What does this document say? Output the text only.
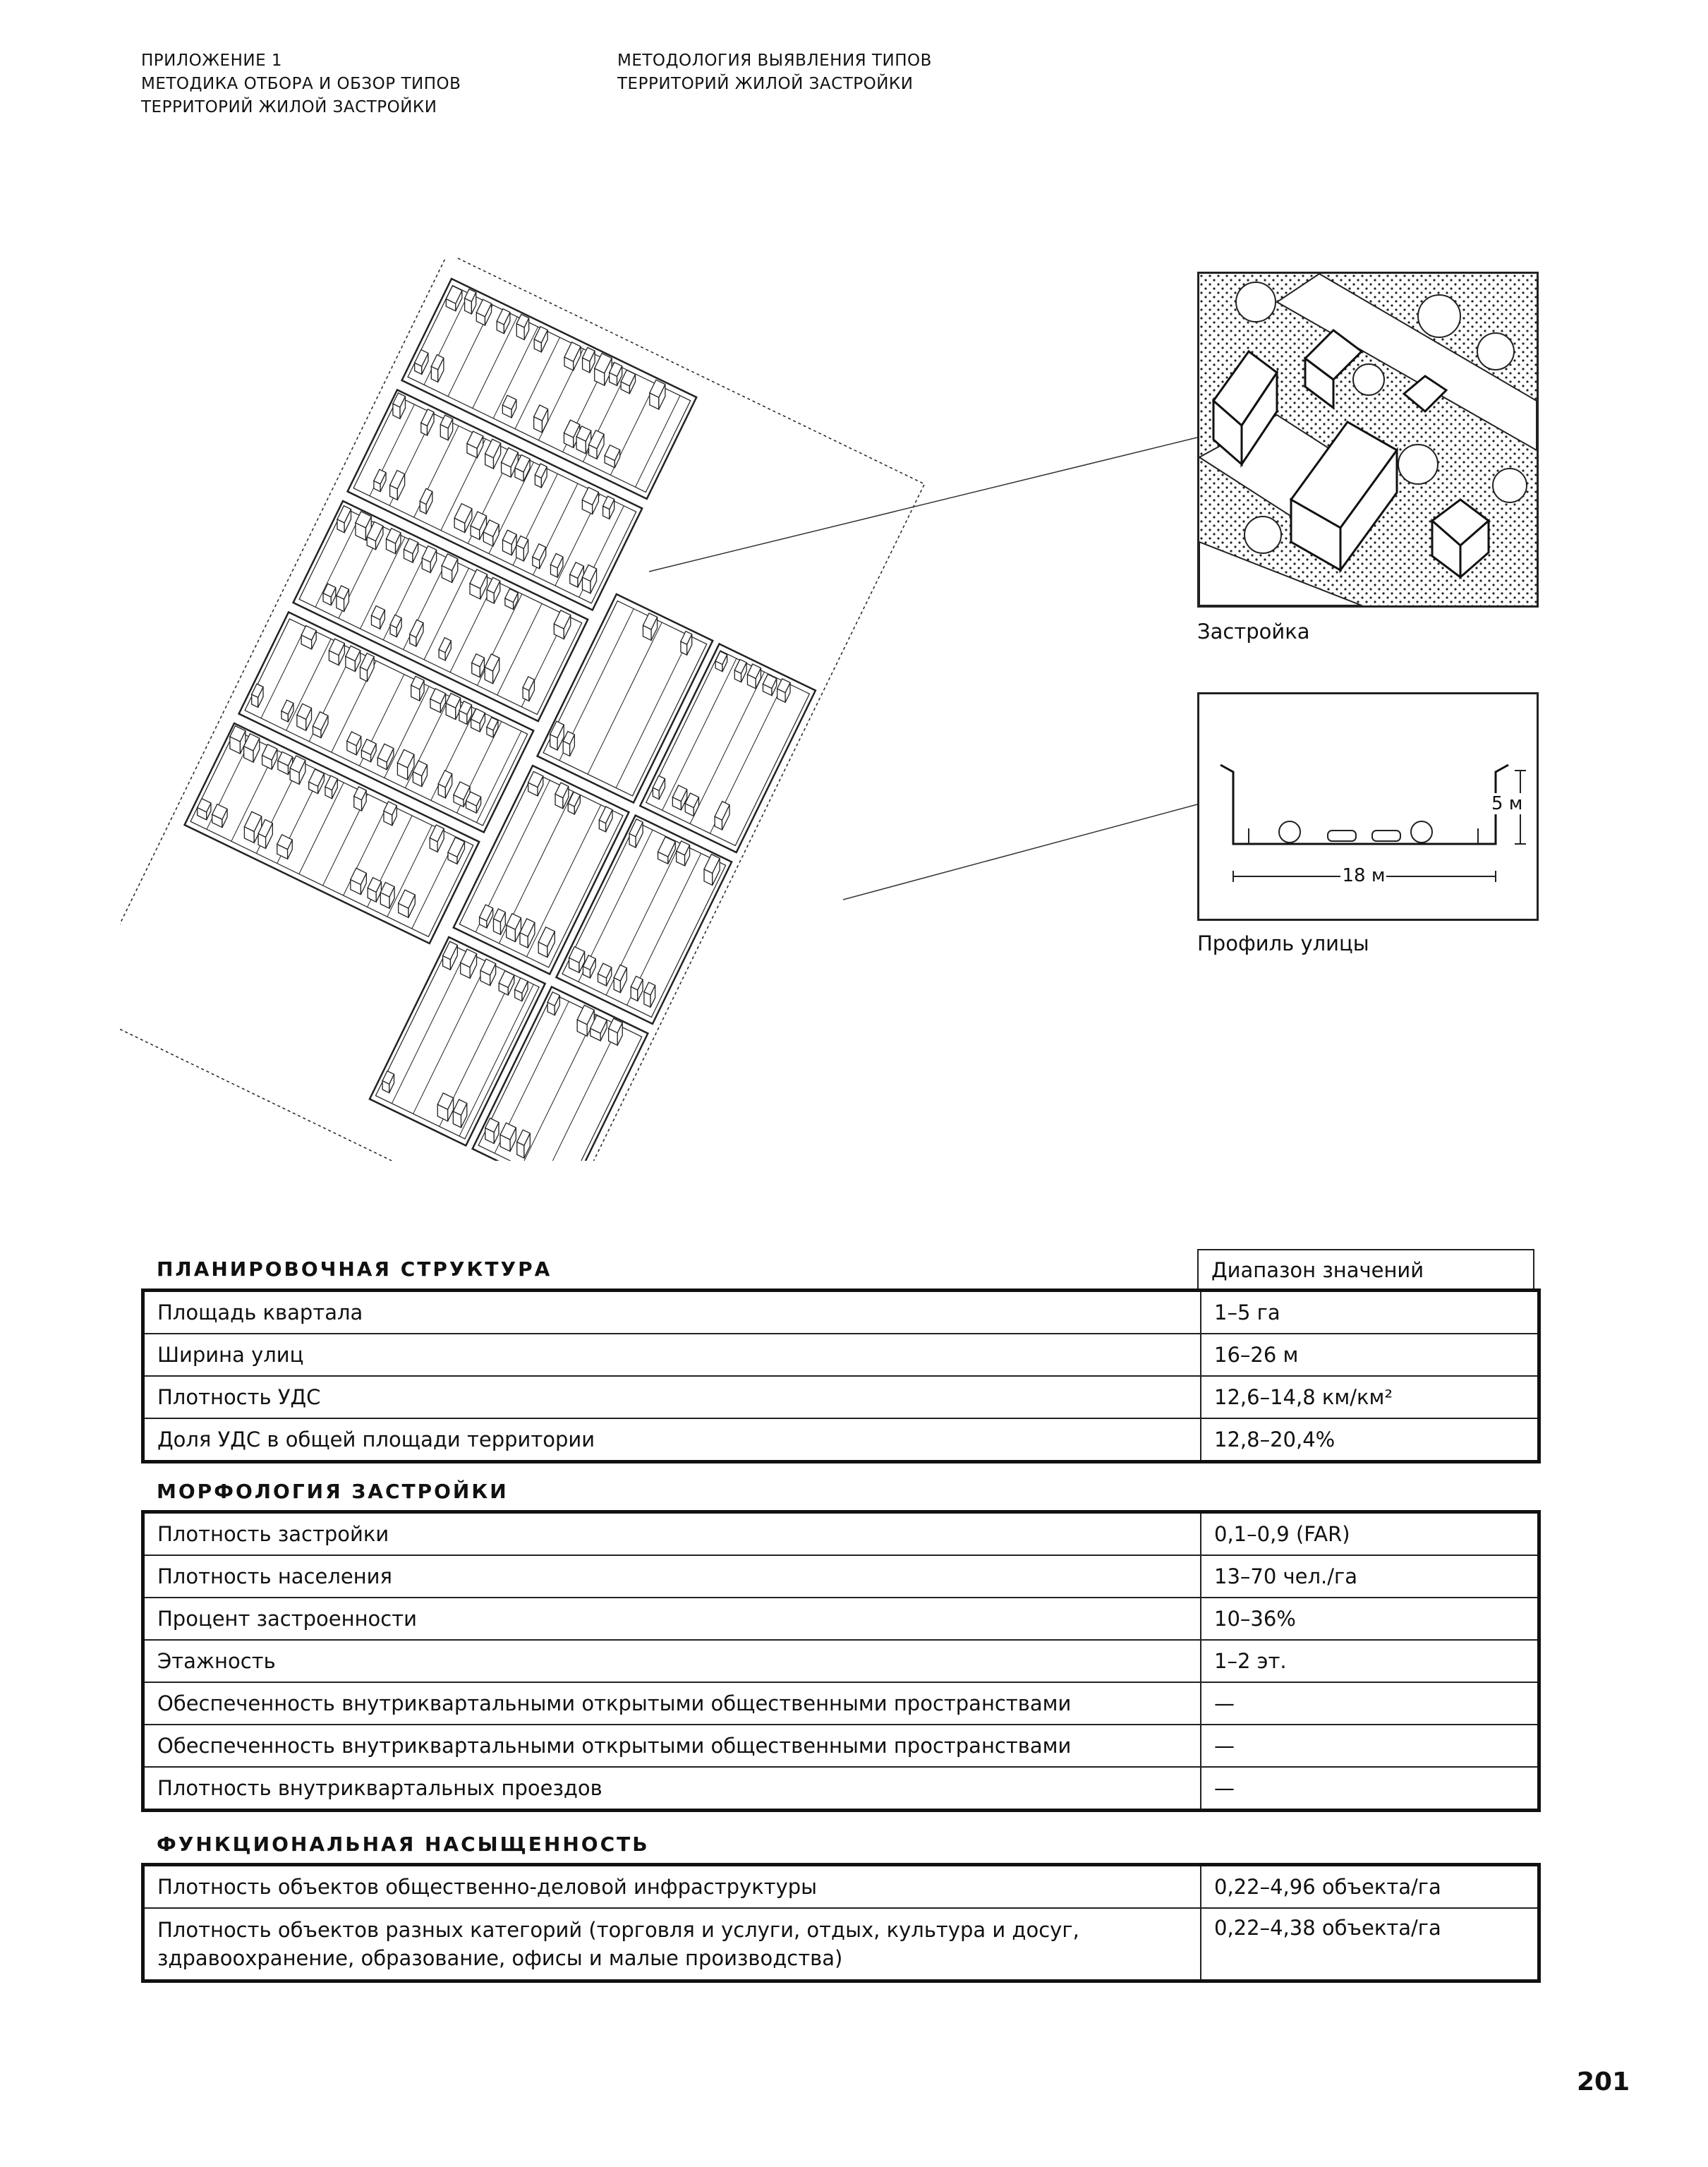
ПРИЛОЖЕНИЕ 1
МЕТОДИКА ОТБОРА И ОБЗОР ТИПОВ
ТЕРРИТОРИЙ ЖИЛОЙ ЗАСТРОЙКИ
МЕТОДОЛОГИЯ ВЫЯВЛЕНИЯ ТИПОВ
ТЕРРИТОРИЙ ЖИЛОЙ ЗАСТРОЙКИ
Застройка
5 м
18 м
Профиль улицы
Диапазон значений
ПЛАНИРОВОЧНАЯ СТРУКТУРА
Площадь квартала	1–5 га
Ширина улиц	16–26 м
Плотность УДС	12,6–14,8 км/км²
Доля УДС в общей площади территории	12,8–20,4%
МОРФОЛОГИЯ ЗАСТРОЙКИ
Плотность застройки	0,1–0,9 (FAR)
Плотность населения	13–70 чел./га
Процент застроенности	10–36%
Этажность	1–2 эт.
Обеспеченность внутриквартальными открытыми общественными пространствами	—
Обеспеченность внутриквартальными открытыми общественными пространствами	—
Плотность внутриквартальных проездов	—
ФУНКЦИОНАЛЬНАЯ НАСЫЩЕННОСТЬ
Плотность объектов общественно-деловой инфраструктуры	0,22–4,96 объекта/га
Плотность объектов разных категорий (торговля и услуги, отдых, культура и досуг, здравоохранение, образование, офисы и малые производства)	0,22–4,38 объекта/га
201
